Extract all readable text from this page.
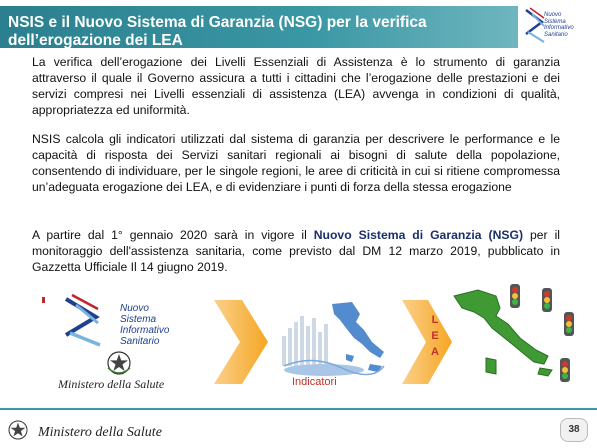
NSIS e il Nuovo Sistema di Garanzia (NSG) per la verifica dell’erogazione dei LEA
Nuovo
Sistema
Informativo
Sanitario
La verifica dell’erogazione dei Livelli Essenziali di Assistenza è lo strumento di garanzia attraverso il quale il Governo assicura a tutti i cittadini che l’erogazione delle prestazioni e dei servizi compresi nei Livelli essenziali di assistenza (LEA) avvenga in condizioni di qualità, appropriatezza ed uniformità.
NSIS calcola gli indicatori utilizzati dal sistema di garanzia per descrivere le performance e le capacità di risposta dei Servizi sanitari regionali ai bisogni di salute della popolazione, consentendo di individuare, per le singole regioni, le aree di criticità in cui si ritiene compromessa un’adeguata erogazione dei LEA, e di evidenziare i punti di forza della stessa erogazione
A partire dal 1° gennaio 2020 sarà in vigore il Nuovo Sistema di Garanzia (NSG) per il monitoraggio dell'assistenza sanitaria, come previsto dal DM 12 marzo 2019, pubblicato in Gazzetta Ufficiale Il 14 giugno 2019.
Nuovo
Sistema
Informativo
Sanitario
Ministero della Salute	Indicatori
L
E
A
Ministero della Salute	38
